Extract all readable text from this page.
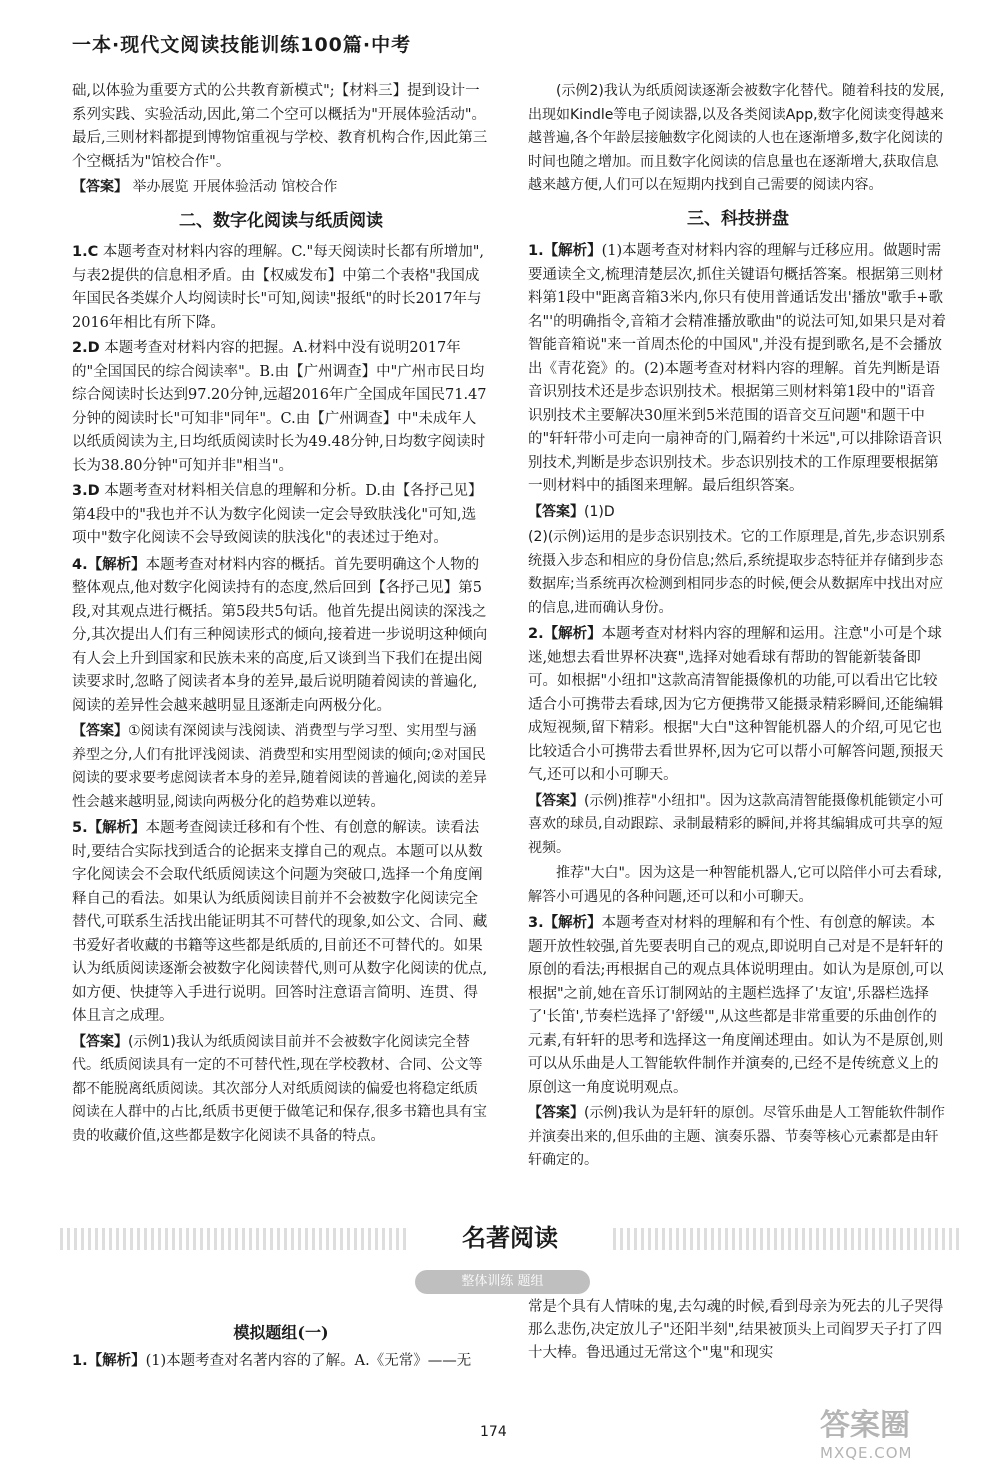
一本·现代文阅读技能训练100篇·中考

础,以体验为重要方式的公共教育新模式";【材料三】提到设计一系列实践、实验活动,因此,第二个空可以概括为"开展体验活动"。最后,三则材料都提到博物馆重视与学校、教育机构合作,因此第三个空概括为"馆校合作"。

【答案】 举办展览 开展体验活动 馆校合作

二、数字化阅读与纸质阅读

1.C 本题考查对材料内容的理解。C."每天阅读时长都有所增加",与表2提供的信息相矛盾。由【权威发布】中第二个表格"我国成年国民各类媒介人均阅读时长"可知,阅读"报纸"的时长2017年与2016年相比有所下降。

2.D 本题考查对材料内容的把握。A.材料中没有说明2017年的"全国国民的综合阅读率"。B.由【广州调查】中"广州市民日均综合阅读时长达到97.20分钟,远超2016年广全国成年国民71.47分钟的阅读时长"可知非"同年"。C.由【广州调查】中"未成年人以纸质阅读为主,日均纸质阅读时长为49.48分钟,日均数字阅读时长为38.80分钟"可知并非"相当"。

3.D 本题考查对材料相关信息的理解和分析。D.由【各抒己见】第4段中的"我也并不认为数字化阅读一定会导致肤浅化"可知,选项中"数字化阅读不会导致阅读的肤浅化"的表述过于绝对。

4.【解析】本题考查对材料内容的概括。首先要明确这个人物的整体观点,他对数字化阅读持有的态度,然后回到【各抒己见】第5段,对其观点进行概括。第5段共5句话。他首先提出阅读的深浅之分,其次提出人们有三种阅读形式的倾向,接着进一步说明这种倾向有人会上升到国家和民族未来的高度,后又谈到当下我们在提出阅读要求时,忽略了阅读者本身的差异,最后说明随着阅读的普遍化,阅读的差异性会越来越明显且逐渐走向两极分化。

【答案】①阅读有深阅读与浅阅读、消费型与学习型、实用型与涵养型之分,人们有批评浅阅读、消费型和实用型阅读的倾向;②对国民阅读的要求要考虑阅读者本身的差异,随着阅读的普遍化,阅读的差异性会越来越明显,阅读向两极分化的趋势难以逆转。

5.【解析】本题考查阅读迁移和有个性、有创意的解读。读看法时,要结合实际找到适合的论据来支撑自己的观点。本题可以从数字化阅读会不会取代纸质阅读这个问题为突破口,选择一个角度阐释自己的看法。如果认为纸质阅读目前并不会被数字化阅读完全替代,可联系生活找出能证明其不可替代的现象,如公文、合同、藏书爱好者收藏的书籍等这些都是纸质的,目前还不可替代的。如果认为纸质阅读逐渐会被数字化阅读替代,则可从数字化阅读的优点,如方便、快捷等入手进行说明。回答时注意语言简明、连贯、得体且言之成理。

【答案】(示例1)我认为纸质阅读目前并不会被数字化阅读完全替代。纸质阅读具有一定的不可替代性,现在学校教材、合同、公文等都不能脱离纸质阅读。其次部分人对纸质阅读的偏爱也将稳定纸质阅读在人群中的占比,纸质书更便于做笔记和保存,很多书籍也具有宝贵的收藏价值,这些都是数字化阅读不具备的特点。

(示例2)我认为纸质阅读逐渐会被数字化替代。随着科技的发展,出现如Kindle等电子阅读器,以及各类阅读App,数字化阅读变得越来越普遍,各个年龄层接触数字化阅读的人也在逐渐增多,数字化阅读的时间也随之增加。而且数字化阅读的信息量也在逐渐增大,获取信息越来越方便,人们可以在短期内找到自己需要的阅读内容。

三、科技拼盘

1.【解析】(1)本题考查对材料内容的理解与迁移应用。做题时需要通读全文,梳理清楚层次,抓住关键语句概括答案。根据第三则材料第1段中"距离音箱3米内,你只有使用普通话发出'播放"歌手+歌名"'的明确指令,音箱才会精准播放歌曲"的说法可知,如果只是对着智能音箱说"来一首周杰伦的中国风",并没有提到歌名,是不会播放出《青花瓷》的。(2)本题考查对材料内容的理解。首先判断是语音识别技术还是步态识别技术。根据第三则材料第1段中的"语音识别技术主要解决30厘米到5米范围的语音交互问题"和题干中的"轩轩带小可走向一扇神奇的门,隔着约十米远",可以排除语音识别技术,判断是步态识别技术。步态识别技术的工作原理要根据第一则材料中的插图来理解。最后组织答案。

【答案】(1)D

(2)(示例)运用的是步态识别技术。它的工作原理是,首先,步态识别系统摄入步态和相应的身份信息;然后,系统提取步态特征并存储到步态数据库;当系统再次检测到相同步态的时候,便会从数据库中找出对应的信息,进而确认身份。

2.【解析】本题考查对材料内容的理解和运用。注意"小可是个球迷,她想去看世界杯决赛",选择对她看球有帮助的智能新装备即可。如根据"小纽扣"这款高清智能摄像机的功能,可以看出它比较适合小可携带去看球,因为它方便携带又能摄录精彩瞬间,还能编辑成短视频,留下精彩。根据"大白"这种智能机器人的介绍,可见它也比较适合小可携带去看世界杯,因为它可以帮小可解答问题,预报天气,还可以和小可聊天。

【答案】(示例)推荐"小纽扣"。因为这款高清智能摄像机能锁定小可喜欢的球员,自动跟踪、录制最精彩的瞬间,并将其编辑成可共享的短视频。

推荐"大白"。因为这是一种智能机器人,它可以陪伴小可去看球,解答小可遇见的各种问题,还可以和小可聊天。

3.【解析】本题考查对材料的理解和有个性、有创意的解读。本题开放性较强,首先要表明自己的观点,即说明自己对是不是轩轩的原创的看法;再根据自己的观点具体说明理由。如认为是原创,可以根据"之前,她在音乐订制网站的主题栏选择了'友谊',乐器栏选择了'长笛',节奏栏选择了'舒缓'",从这些都是非常重要的乐曲创作的元素,有轩轩的思考和选择这一角度阐述理由。如认为不是原创,则可以从乐曲是人工智能软件制作并演奏的,已经不是传统意义上的原创这一角度说明观点。

【答案】(示例)我认为是轩轩的原创。尽管乐曲是人工智能软件制作并演奏出来的,但乐曲的主题、演奏乐器、节奏等核心元素都是由轩轩确定的。

名著阅读
整体训练 题组
模拟题组(一)
1.【解析】(1)本题考查对名著内容的了解。A.《无常》——无
常是个具有人情味的鬼,去勾魂的时候,看到母亲为死去的儿子哭得那么悲伤,决定放儿子"还阳半刻",结果被顶头上司阎罗天子打了四十大棒。鲁迅通过无常这个"鬼"和现实
174	答案圈
MXQE.COM
